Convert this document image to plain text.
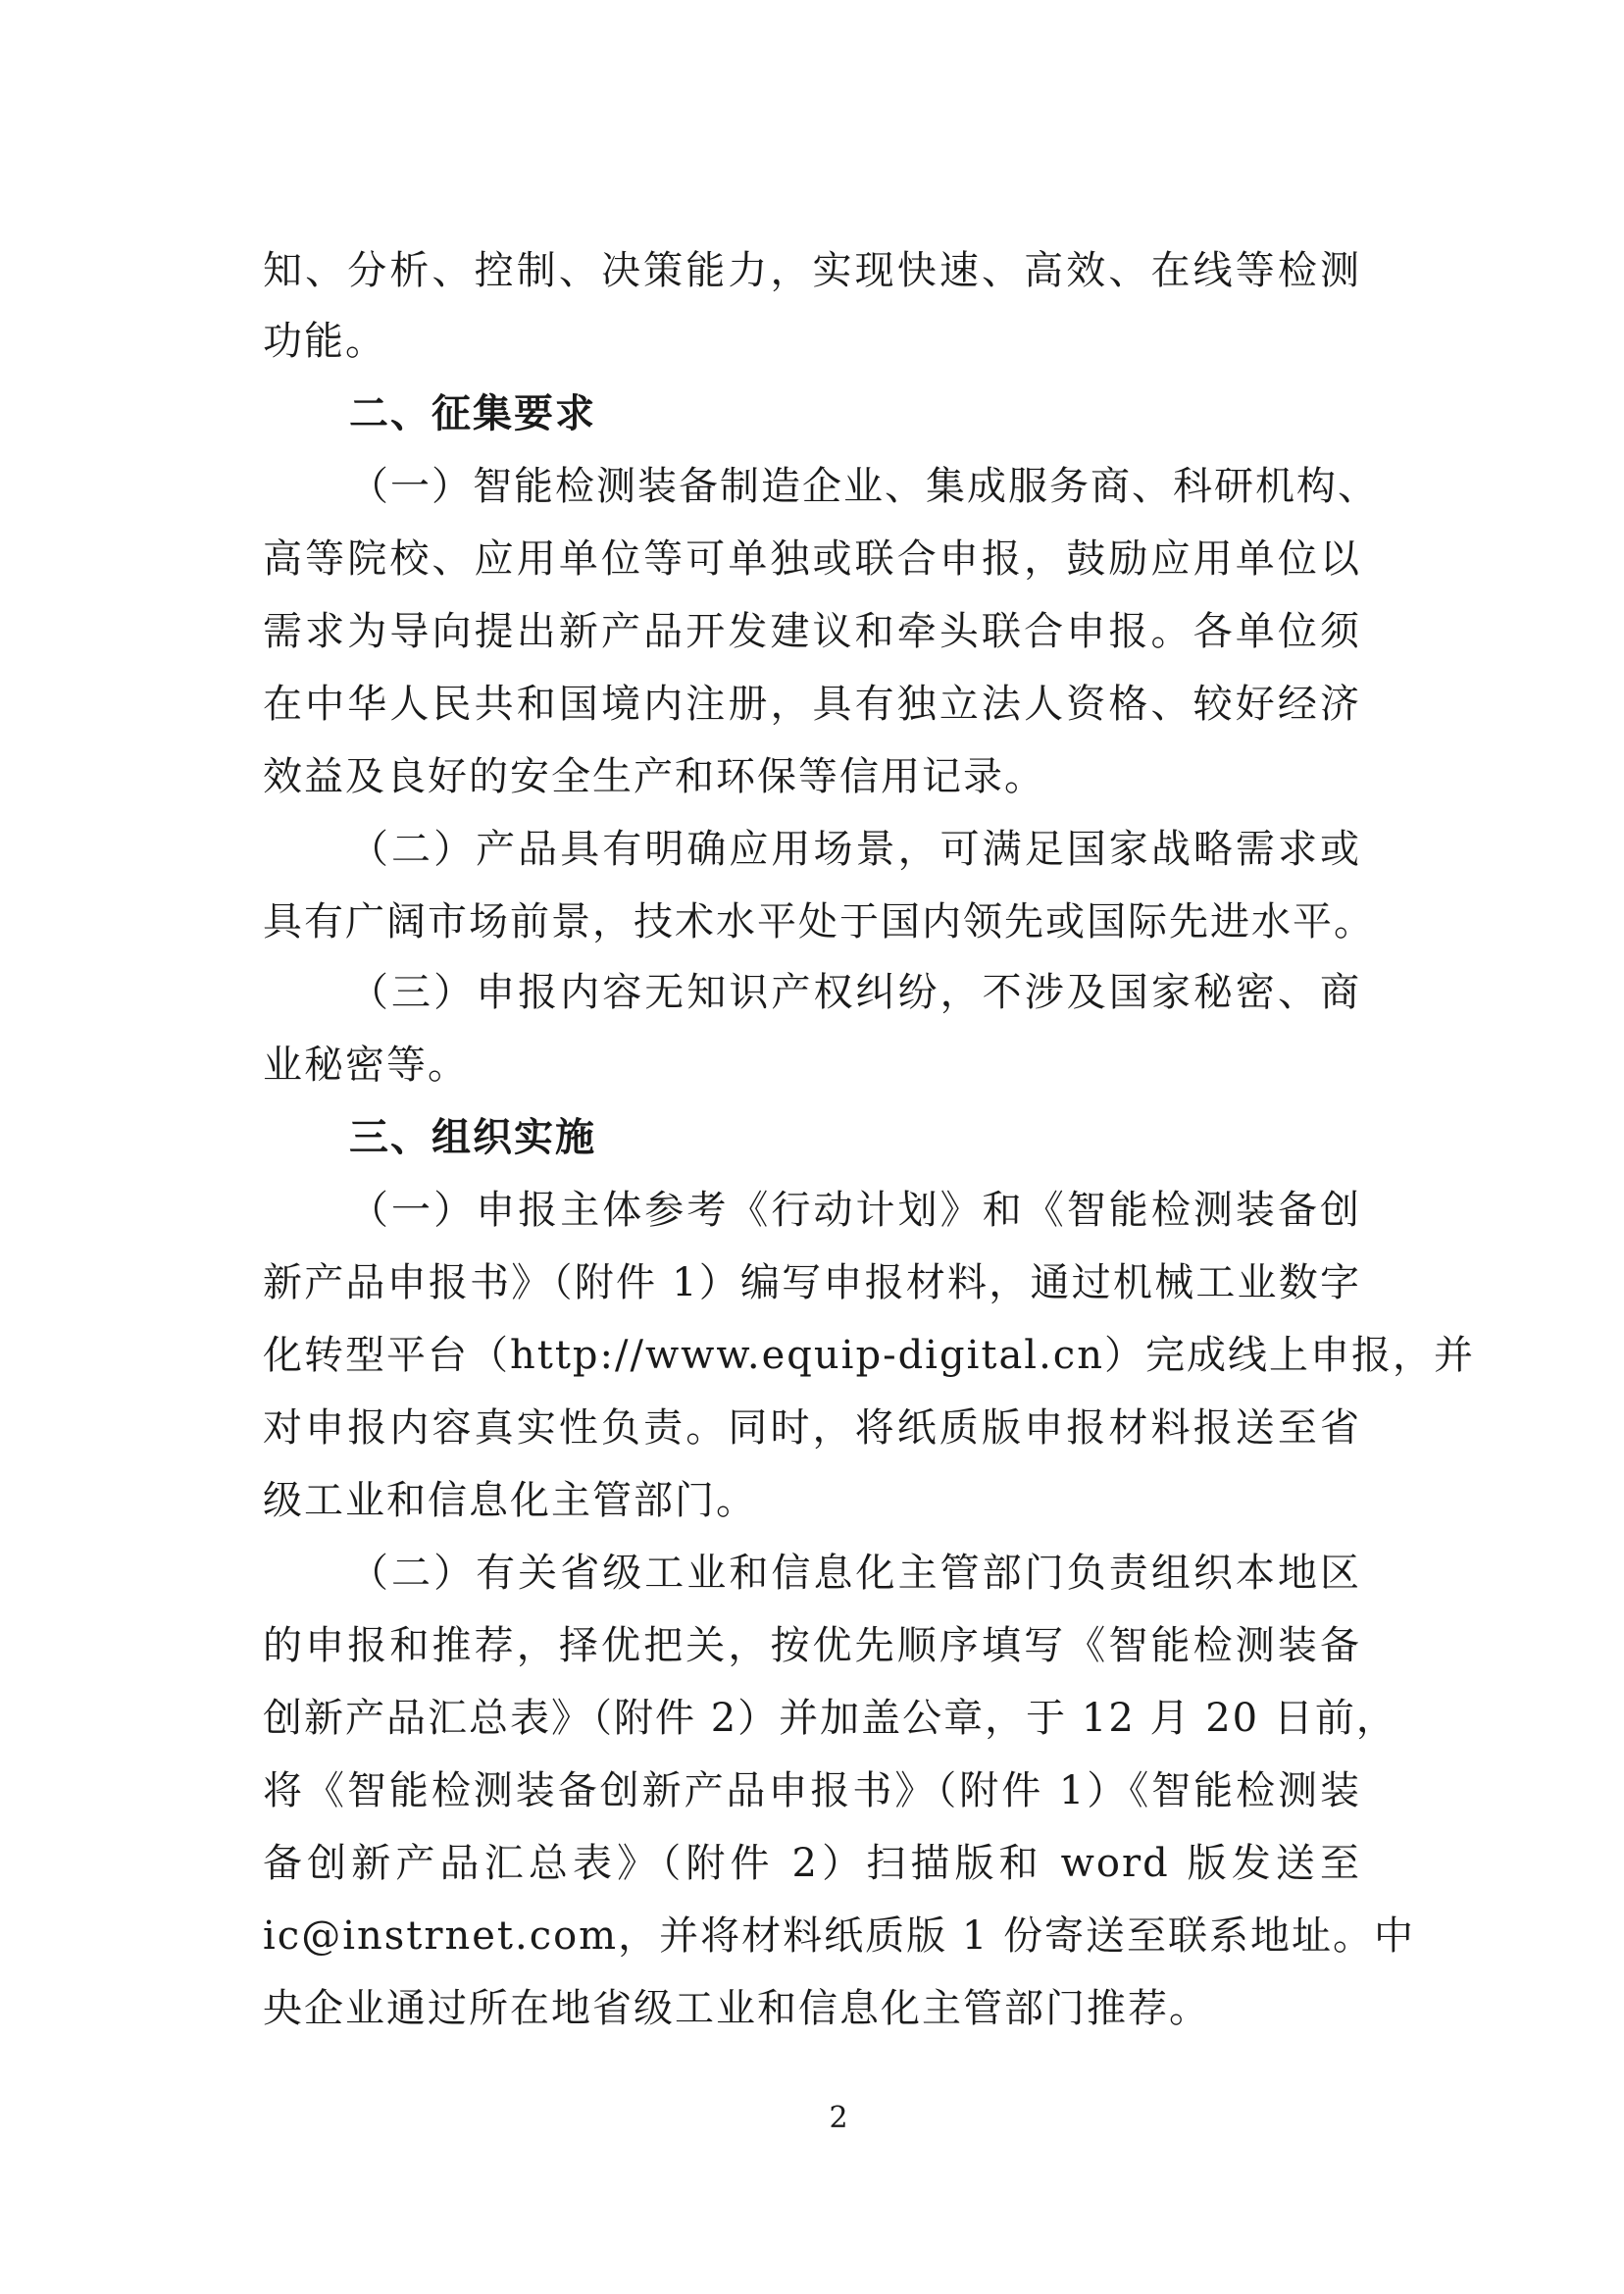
知、分析、控制、决策能力，实现快速、高效、在线等检测
功能。
二、征集要求
（一）智能检测装备制造企业、集成服务商、科研机构、
高等院校、应用单位等可单独或联合申报，鼓励应用单位以
需求为导向提出新产品开发建议和牵头联合申报。各单位须
在中华人民共和国境内注册，具有独立法人资格、较好经济
效益及良好的安全生产和环保等信用记录。
（二）产品具有明确应用场景，可满足国家战略需求或
具有广阔市场前景，技术水平处于国内领先或国际先进水平。
（三）申报内容无知识产权纠纷，不涉及国家秘密、商
业秘密等。
三、组织实施
（一）申报主体参考《行动计划》和《智能检测装备创
新产品申报书》（附件 1）编写申报材料，通过机械工业数字
化转型平台（http://www.equip-digital.cn）完成线上申报，并
对申报内容真实性负责。同时，将纸质版申报材料报送至省
级工业和信息化主管部门。
（二）有关省级工业和信息化主管部门负责组织本地区
的申报和推荐，择优把关，按优先顺序填写《智能检测装备
创新产品汇总表》（附件 2）并加盖公章，于 12 月 20 日前，
将《智能检测装备创新产品申报书》（附件 1）《智能检测装
备创新产品汇总表》（附件 2）扫描版和 word 版发送至
ic@instrnet.com，并将材料纸质版 1 份寄送至联系地址。中
央企业通过所在地省级工业和信息化主管部门推荐。
2
